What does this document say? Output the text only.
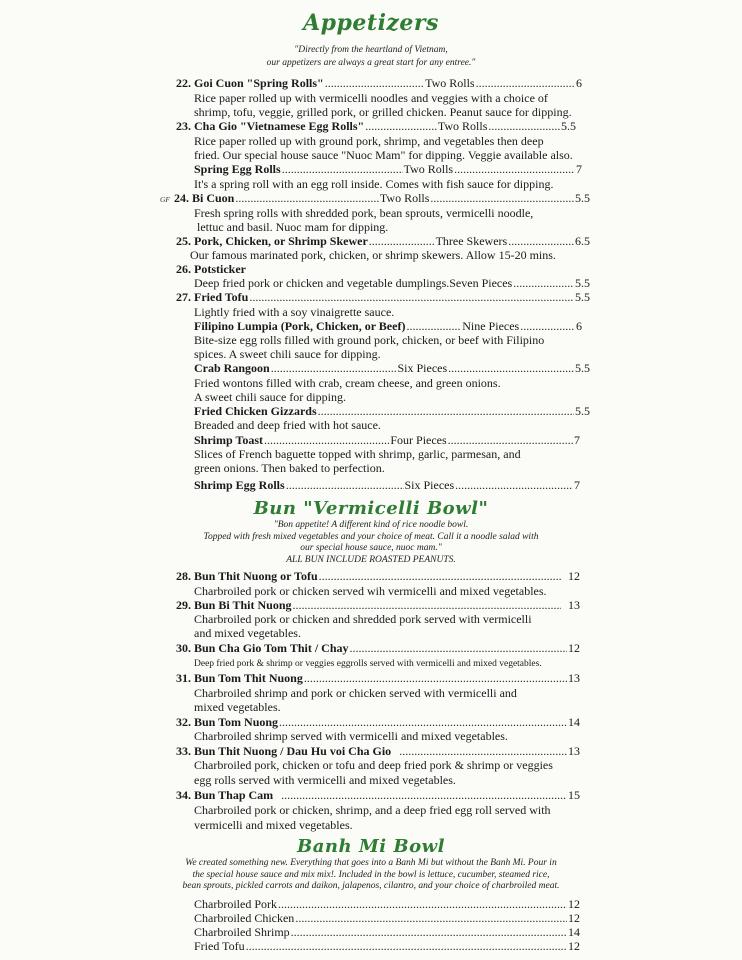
Appetizers
"Directly from the heartland of Vietnam,
our appetizers are always a great start for any entree."
22. Goi Cuon "Spring Rolls" .....	Two Rolls .....	6
Rice paper rolled up with vermicelli noodles and veggies with a choice of
shrimp, tofu, veggie, grilled pork, or grilled chicken. Peanut sauce for dipping.
23. Cha Gio "Vietnamese Egg Rolls" .....	Two Rolls .....	5.5
Rice paper rolled up with ground pork, shrimp, and vegetables then deep
fried. Our special house sauce "Nuoc Mam" for dipping. Veggie available also.
Spring Egg Rolls .....	Two Rolls .....	7
It's a spring roll with an egg roll inside. Comes with fish sauce for dipping.
GF 24. Bi Cuon .....	Two Rolls .....	5.5
Fresh spring rolls with shredded pork, bean sprouts, vermicelli noodle,
lettuc and basil. Nuoc mam for dipping.
25. Pork, Chicken, or Shrimp Skewer .....	Three Skewers .....	6.5
Our famous marinated pork, chicken, or shrimp skewers. Allow 15-20 mins.
26. Potsticker
Deep fried pork or chicken and vegetable dumplings.Seven Pieces .....	5.5
27. Fried Tofu .....	5.5
Lightly fried with a soy vinaigrette sauce.
Filipino Lumpia (Pork, Chicken, or Beef) .....	Nine Pieces .....	6
Bite-size egg rolls filled with ground pork, chicken, or beef with Filipino
spices. A sweet chili sauce for dipping.
Crab Rangoon .....	Six Pieces .....	5.5
Fried wontons filled with crab, cream cheese, and green onions.
A sweet chili sauce for dipping.
Fried Chicken Gizzards .....	5.5
Breaded and deep fried with hot sauce.
Shrimp Toast .....	Four Pieces .....	7
Slices of French baguette topped with shrimp, garlic, parmesan, and
green onions. Then baked to perfection.
Shrimp Egg Rolls .....	Six Pieces .....	7
Bun "Vermicelli Bowl"
"Bon appetite! A different kind of rice noodle bowl.
Topped with fresh mixed vegetables and your choice of meat. Call it a noodle salad with
our special house sauce, nuoc mam."
ALL BUN INCLUDE ROASTED PEANUTS.
28. Bun Thit Nuong or Tofu .....	12
Charbroiled pork or chicken served wih vermicelli and mixed vegetables.
29. Bun Bi Thit Nuong .....	13
Charbroiled pork or chicken and shredded pork served with vermicelli
and mixed vegetables.
30. Bun Cha Gio Tom Thit / Chay .....	12
Deep fried pork & shrimp or veggies eggrolls served with vermicelli and mixed vegetables.
31. Bun Tom Thit Nuong .....	13
Charbroiled shrimp and pork or chicken served with vermicelli and
mixed vegetables.
32. Bun Tom Nuong .....	14
Charbroiled shrimp served with vermicelli and mixed vegetables.
33. Bun Thit Nuong / Dau Hu voi Cha Gio .....	13
Charbroiled pork, chicken or tofu and deep fried pork & shrimp or veggies
egg rolls served with vermicelli and mixed vegetables.
34. Bun Thap Cam .....	15
Charbroiled pork or chicken, shrimp, and a deep fried egg roll served with
vermicelli and mixed vegetables.
Banh Mi Bowl
We created something new. Everything that goes into a Banh Mi but without the Banh Mi. Pour in
the special house sauce and mix mix!. Included in the bowl is lettuce, cucumber, steamed rice,
bean sprouts, pickled carrots and daikon, jalapenos, cilantro, and your choice of charbroiled meat.
Charbroiled Pork .....	12
Charbroiled Chicken .....	12
Charbroiled Shrimp .....	14
Fried Tofu .....	12
